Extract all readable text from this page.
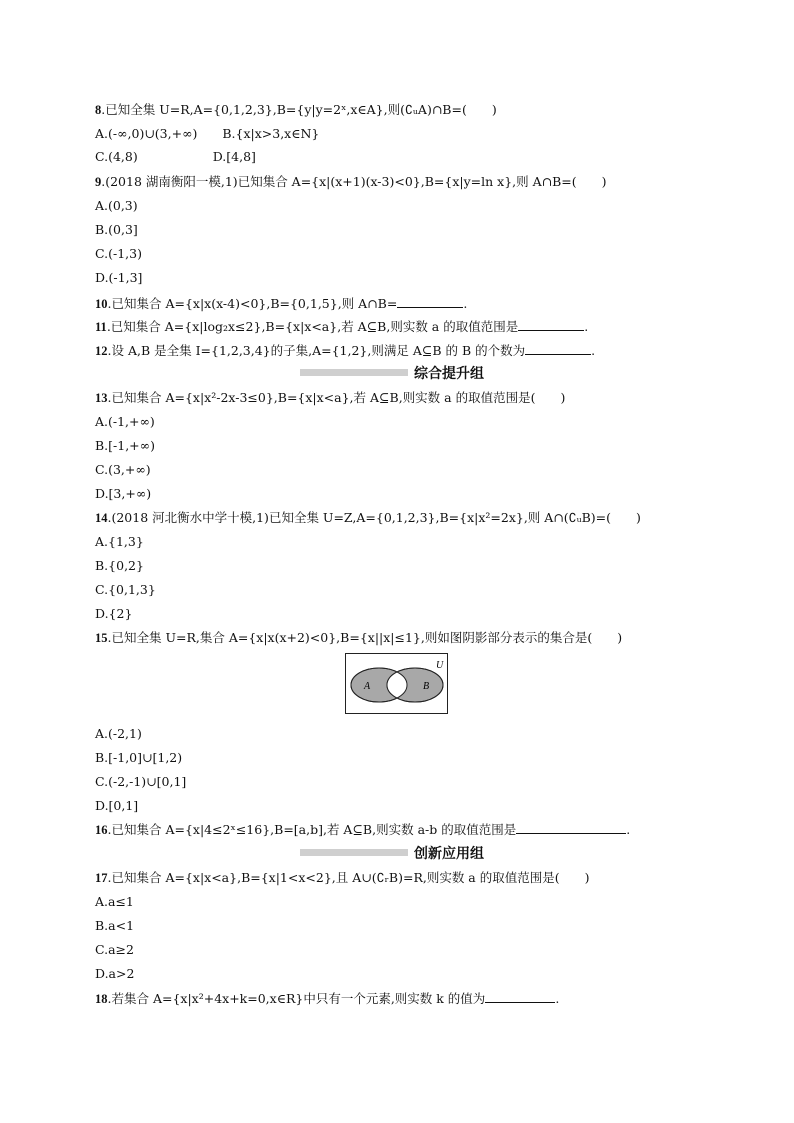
8.已知全集 U=R,A={0,1,2,3},B={y|y=2ˣ,x∈A},则(∁ᵤA)∩B=(　　)
A.(-∞,0)∪(3,+∞)　　B.{x|x>3,x∈N}
C.(4,8)　　　　　　D.[4,8]
9.(2018 湖南衡阳一模,1)已知集合 A={x|(x+1)(x-3)<0},B={x|y=ln x},则 A∩B=(　　)
A.(0,3)
B.(0,3]
C.(-1,3)
D.(-1,3]
10.已知集合 A={x|x(x-4)<0},B={0,1,5},则 A∩B=	.
11.已知集合 A={x|log₂x≤2},B={x|x<a},若 A⊆B,则实数 a 的取值范围是	.
12.设 A,B 是全集 I={1,2,3,4}的子集,A={1,2},则满足 A⊆B 的 B 的个数为	.
13.已知集合 A={x|x²-2x-3≤0},B={x|x<a},若 A⊆B,则实数 a 的取值范围是(　　)
A.(-1,+∞)
B.[-1,+∞)
C.(3,+∞)
D.[3,+∞)
14.(2018 河北衡水中学十模,1)已知全集 U=Z,A={0,1,2,3},B={x|x²=2x},则 A∩(∁ᵤB)=(　　)
A.{1,3}
B.{0,2}
C.{0,1,3}
D.{2}
15.已知全集 U=R,集合 A={x|x(x+2)<0},B={x||x|≤1},则如图阴影部分表示的集合是(　　)
A.(-2,1)
B.[-1,0]∪[1,2)
C.(-2,-1)∪[0,1]
D.[0,1]
16.已知集合 A={x|4≤2ˣ≤16},B=[a,b],若 A⊆B,则实数 a-b 的取值范围是	.
17.已知集合 A={x|x<a},B={x|1<x<2},且 A∪(∁ᵣB)=R,则实数 a 的取值范围是(　　)
A.a≤1
B.a<1
C.a≥2
D.a>2
18.若集合 A={x|x²+4x+k=0,x∈R}中只有一个元素,则实数 k 的值为	.
综合提升组
创新应用组
U
A	B
